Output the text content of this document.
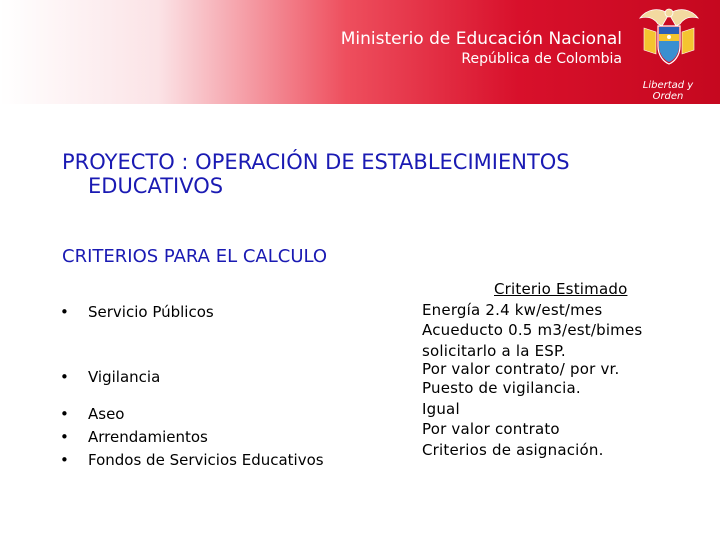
Ministerio de Educación Nacional
República de Colombia
Libertad y Orden
PROYECTO : OPERACIÓN DE ESTABLECIMIENTOS
EDUCATIVOS
CRITERIOS PARA EL CALCULO
• Servicio Públicos
• Vigilancia
• Aseo
• Arrendamientos
• Fondos de Servicios Educativos
Criterio Estimado
Energía 2.4 kw/est/mes
Acueducto 0.5 m3/est/bimes
solicitarlo a la ESP.
Por valor contrato/ por vr.
Puesto de vigilancia.
Igual
Por valor contrato
Criterios de asignación.
